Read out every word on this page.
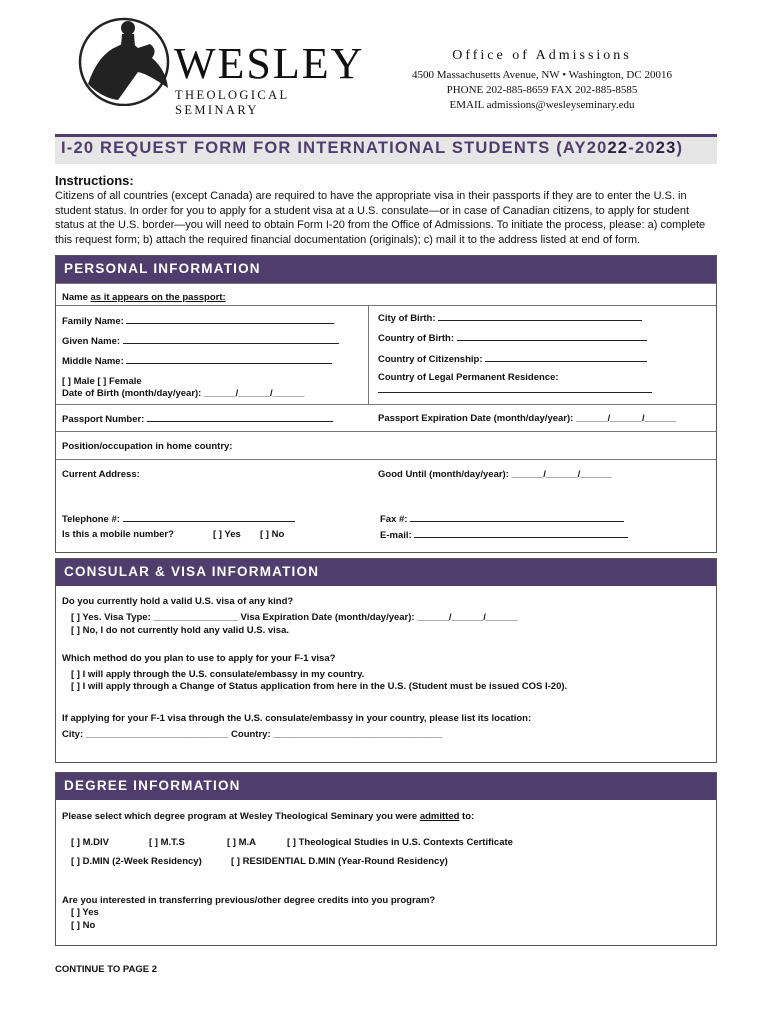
WESLEY
THEOLOGICAL SEMINARY
Office of Admissions
4500 Massachusetts Avenue, NW • Washington, DC 20016
PHONE 202-885-8659 FAX 202-885-8585
EMAIL admissions@wesleyseminary.edu
I-20 REQUEST FORM FOR INTERNATIONAL STUDENTS (AY2022-2023)
Instructions:
Citizens of all countries (except Canada) are required to have the appropriate visa in their passports if they are to enter the U.S. in student status. In order for you to apply for a student visa at a U.S. consulate—or in case of Canadian citizens, to apply for student status at the U.S. border—you will need to obtain Form I-20 from the Office of Admissions. To initiate the process, please: a) complete this request form; b) attach the required financial documentation (originals); c) mail it to the address listed at end of form.
PERSONAL INFORMATION
Name as it appears on the passport:
Family Name:
Given Name:
Middle Name:
[ ] Male [ ] Female
Date of Birth (month/day/year): ______/______/______
City of Birth:
Country of Birth:
Country of Citizenship:
Country of Legal Permanent Residence:
Passport Number:	Passport Expiration Date (month/day/year): ______/______/______
Position/occupation in home country:
Current Address:	Good Until (month/day/year): ______/______/______
Telephone #:
Is this a mobile number?	[ ] Yes [ ] No
Fax #:
E-mail:
CONSULAR & VISA INFORMATION
Do you currently hold a valid U.S. visa of any kind?
[ ] Yes. Visa Type: ________________ Visa Expiration Date (month/day/year): ______/______/______
[ ] No, I do not currently hold any valid U.S. visa.
Which method do you plan to use to apply for your F-1 visa?
[ ] I will apply through the U.S. consulate/embassy in my country.
[ ] I will apply through a Change of Status application from here in the U.S. (Student must be issued COS I-20).
If applying for your F-1 visa through the U.S. consulate/embassy in your country, please list its location:
City: ___________________________ Country: ________________________________
DEGREE INFORMATION
Please select which degree program at Wesley Theological Seminary you were admitted to:
[ ] M.DIV	[ ] M.T.S	[ ] M.A	[ ] Theological Studies in U.S. Contexts Certificate
[ ] D.MIN (2-Week Residency)	[ ] RESIDENTIAL D.MIN (Year-Round Residency)
Are you interested in transferring previous/other degree credits into you program?
[ ] Yes
[ ] No
CONTINUE TO PAGE 2
